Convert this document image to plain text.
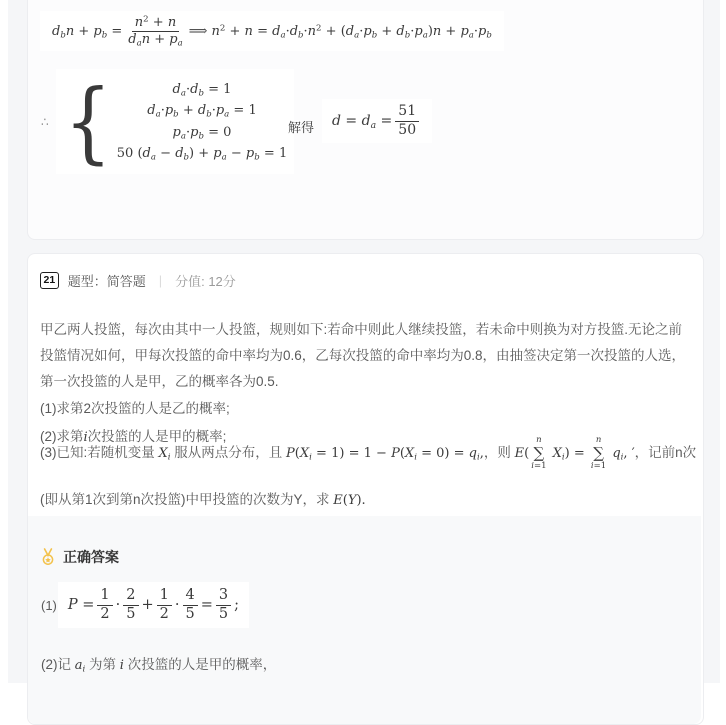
$d_bn + p_b = \frac{n^2 + n}{d_an + p_a}$ ⟹ $n^2 + n = d_a\cdot d_b\cdot n^2 + (d_a\cdot p_b + d_b\cdot p_a)n + p_a\cdot p_b$
∴ {	$d_a\cdot d_b = 1$
$d_a\cdot p_b + d_b\cdot p_a = 1$
$p_a\cdot p_b = 0$
50 $(d_a - d_b) + p_a - p_b = 1$
解得 $d = d_a = \frac{51}{50}$
21 题型：简答题 | 分值: 12分

甲乙两人投篮，每次由其中一人投篮，规则如下:若命中则此人继续投篮，若未命中则换为对方投篮.无论之前投篮情况如何，甲每次投篮的命中率均为0.6，乙每次投篮的命中率均为0.8，由抽签决定第一次投篮的人选，第一次投篮的人是甲，乙的概率各为0.5.

(1)求第2次投篮的人是乙的概率;

(2)求第i次投篮的人是甲的概率;

(3)已知:若随机变量 $X_i$ 服从两点分布，且 $P(X_i = 1) = 1 - P(X_i = 0) = q_i$,，则 E(
n
∑
i=1
$X_i$) =
n
∑
i=1
$q_i$, ′，记前n次(即从第1次到第n次投篮)中甲投篮的次数为Y，求 E(Y).
正确答案
(1) $P = \frac{1}{2} \cdot \frac{2}{5} + \frac{1}{2} \cdot \frac{4}{5} = \frac{3}{5}$ ;
(2)记 $a_i$ 为第 i 次投篮的人是甲的概率，
